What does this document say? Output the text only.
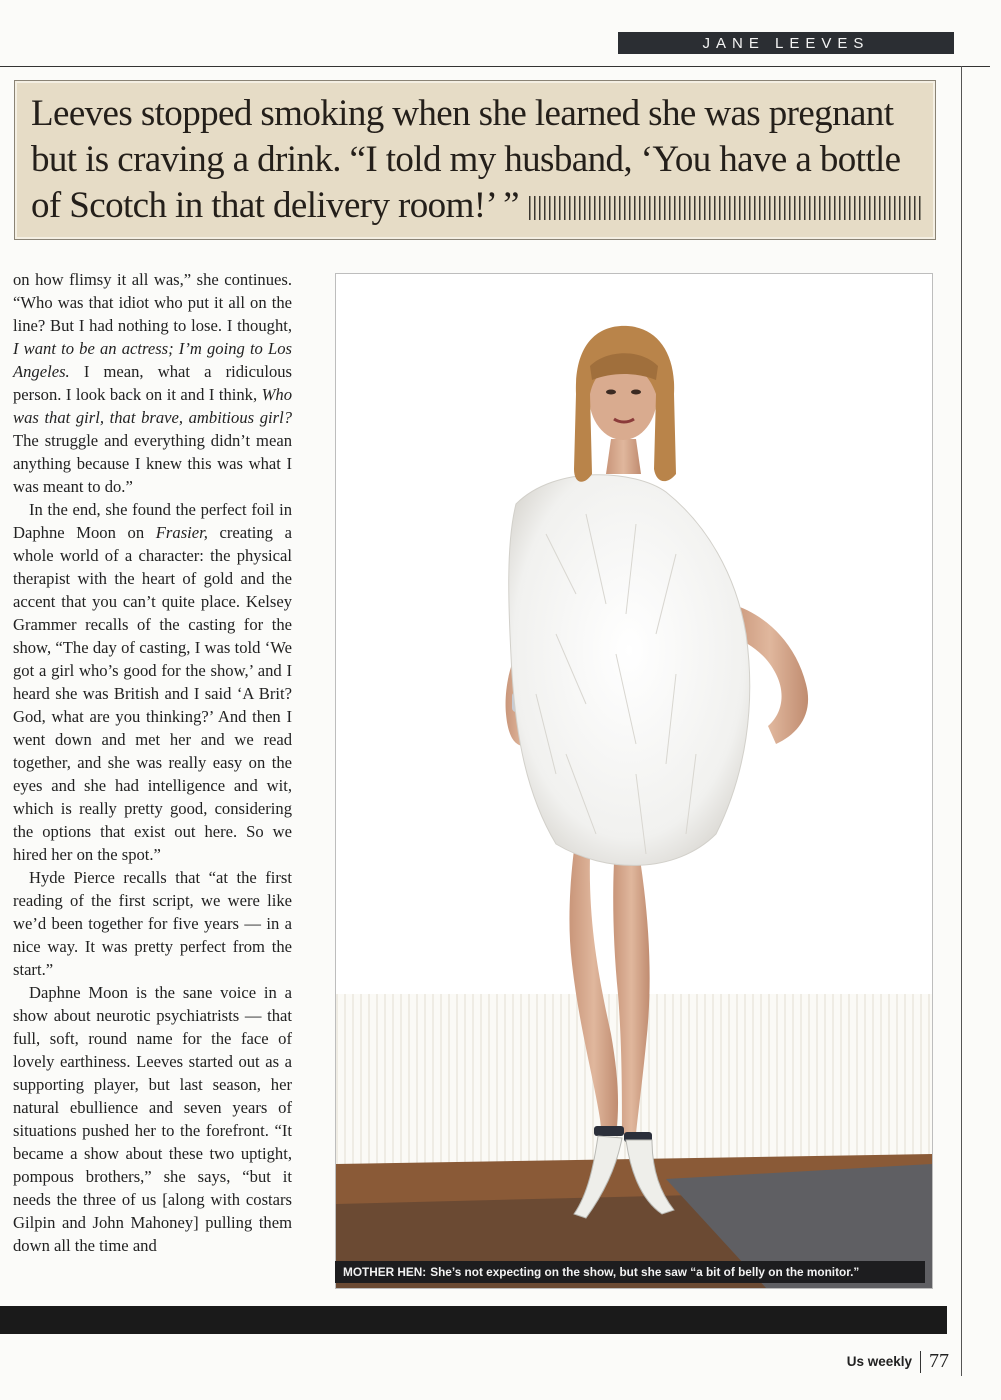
JANE LEEVES

Leeves stopped smoking when she learned she was pregnant but is craving a drink. “I told my husband, ‘You have a bottle of Scotch in that delivery room!’ ”

on how flimsy it all was,” she continues. “Who was that idiot who put it all on the line? But I had nothing to lose. I thought, I want to be an actress; I’m going to Los Angeles. I mean, what a ridiculous person. I look back on it and I think, Who was that girl, that brave, ambitious girl? The struggle and everything didn’t mean anything because I knew this was what I was meant to do.”

In the end, she found the perfect foil in Daphne Moon on Frasier, creating a whole world of a character: the physical therapist with the heart of gold and the accent that you can’t quite place. Kelsey Grammer recalls of the casting for the show, “The day of casting, I was told ‘We got a girl who’s good for the show,’ and I heard she was British and I said ‘A Brit? God, what are you thinking?’ And then I went down and met her and we read together, and she was really easy on the eyes and she had intelligence and wit, which is really pretty good, considering the options that exist out here. So we hired her on the spot.”

Hyde Pierce recalls that “at the first reading of the first script, we were like we’d been together for five years — in a nice way. It was pretty perfect from the start.”

Daphne Moon is the sane voice in a show about neurotic psychiatrists — that full, soft, round name for the face of lovely earthiness. Leeves started out as a supporting player, but last season, her natural ebullience and seven years of situations pushed her to the forefront. “It became a show about these two uptight, pompous brothers,” she says, “but it needs the three of us [along with costars Gilpin and John Mahoney] pulling them down all the time and

MOTHER HEN: She’s not expecting on the show, but she saw “a bit of belly on the monitor.”
Us weekly 77
